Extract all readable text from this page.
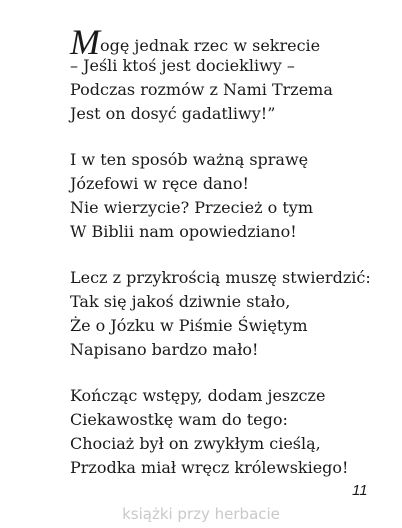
Mogę jednak rzec w sekrecie
– Jeśli ktoś jest dociekliwy –
Podczas rozmów z Nami Trzema
Jest on dosyć gadatliwy!”
I w ten sposób ważną sprawę
Józefowi w ręce dano!
Nie wierzycie? Przecież o tym
W Biblii nam opowiedziano!
Lecz z przykrością muszę stwierdzić:
Tak się jakoś dziwnie stało,
Że o Józku w Piśmie Świętym
Napisano bardzo mało!
Kończąc wstępy, dodam jeszcze
Ciekawostkę wam do tego:
Chociaż był on zwykłym cieślą,
Przodka miał wręcz królewskiego!
11
książki przy herbacie
